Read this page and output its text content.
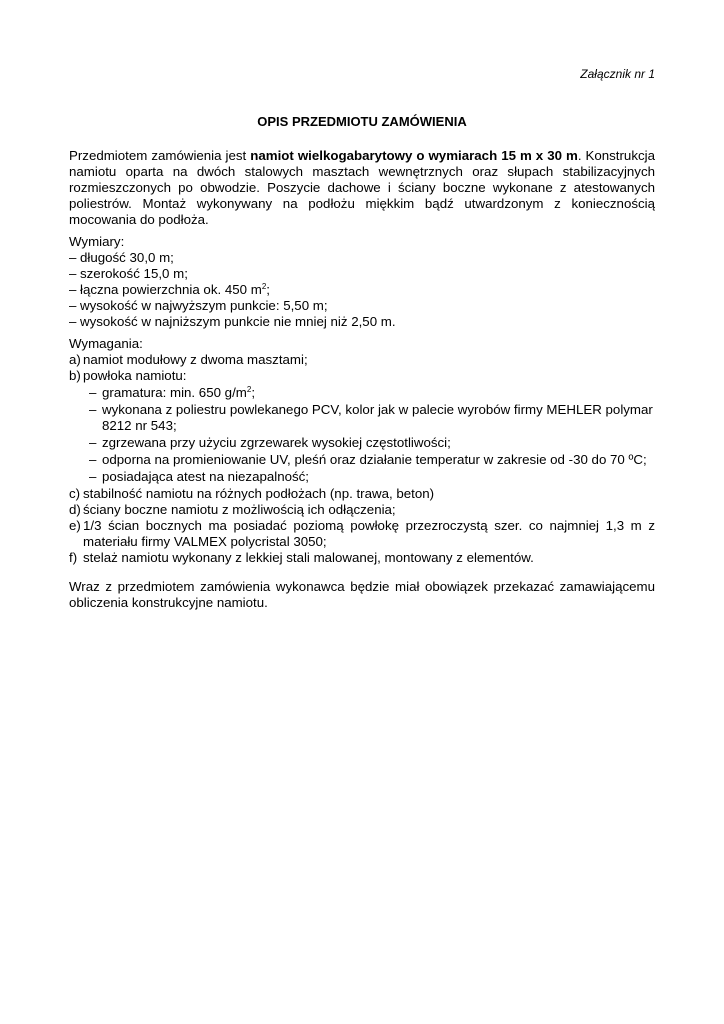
Załącznik nr 1

OPIS PRZEDMIOTU ZAMÓWIENIA

Przedmiotem zamówienia jest namiot wielkogabarytowy o wymiarach 15 m x 30 m. Konstrukcja namiotu oparta na dwóch stalowych masztach wewnętrznych oraz słupach stabilizacyjnych rozmieszczonych po obwodzie. Poszycie dachowe i ściany boczne wykonane z atestowanych poliestrów. Montaż wykonywany na podłożu miękkim bądź utwardzonym z koniecznością mocowania do podłoża.

Wymiary:

– długość 30,0 m;
– szerokość 15,0 m;
– łączna powierzchnia ok. 450 $m^2$;
– wysokość w najwyższym punkcie: 5,50 m;
– wysokość w najniższym punkcie nie mniej niż 2,50 m.

Wymagania:

a) namiot modułowy z dwoma masztami;
b) powłoka namiotu:
– gramatura: min. 650 $g/m^2$;
– wykonana z poliestru powlekanego PCV, kolor jak w palecie wyrobów firmy MEHLER polymar 8212 nr 543;
– zgrzewana przy użyciu zgrzewarek wysokiej częstotliwości;
– odporna na promieniowanie UV, pleśń oraz działanie temperatur w zakresie od -30 do 70 ºC;
– posiadająca atest na niezapalność;
c) stabilność namiotu na różnych podłożach (np. trawa, beton)
d) ściany boczne namiotu z możliwością ich odłączenia;
e) 1/3 ścian bocznych ma posiadać poziomą powłokę przezroczystą szer. co najmniej 1,3 m z materiału firmy VALMEX polycristal 3050;
f) stelaż namiotu wykonany z lekkiej stali malowanej, montowany z elementów.

Wraz z przedmiotem zamówienia wykonawca będzie miał obowiązek przekazać zamawiającemu obliczenia konstrukcyjne namiotu.
